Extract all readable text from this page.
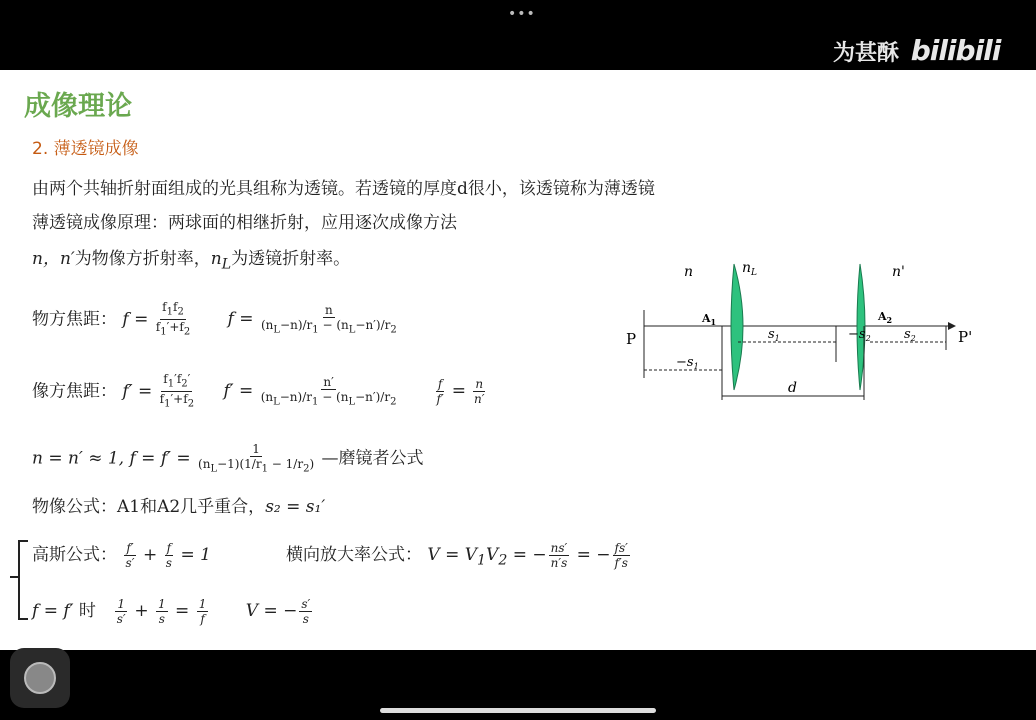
•••
为甚酥 bilibili
成像理论
2. 薄透镜成像
由两个共轴折射面组成的光具组称为透镜。若透镜的厚度d很小，该透镜称为薄透镜
薄透镜成像原理：两球面的相继折射，应用逐次成像方法
n，n′为物像方折射率，$n_L$为透镜折射率。
物方焦距： $f = \frac{f_1f_2}{f_1'+f_2}$ $f = \frac{n}{(n_L-n)/r_1 - (n_L-n')/r_2}$
像方焦距： $f' = \frac{f_1'f_2'}{f_1'+f_2} f' = \frac{n'}{(n_L-n)/r_1 - (n_L-n')/r_2}$
	$\frac{f}{f'} = \frac{n}{n'}$
n = n′ ≈ 1, $f = f' = \frac{1}{(n_L-1)(1/r_1 - 1/r_2)}$ —磨镜者公式
物像公式：A1和A2几乎重合，s₂ = s₁′
高斯公式： $\frac{f'}{s'} + \frac{f}{s} = 1$	横向放大率公式： $V = V_1V_2$ = − $\frac{ns'}{n's}$ = − $\frac{fs'}{f's}$
f = f′ 时 $\frac{1}{s'} + \frac{1}{s} = \frac{1}{f}$ V = − $\frac{s'}{s}$
n	$n_L$	n'
P	P'
$A_1$	$A_2$
$-s_1$
$s_1$	$-s_2$	$s_2$
d
